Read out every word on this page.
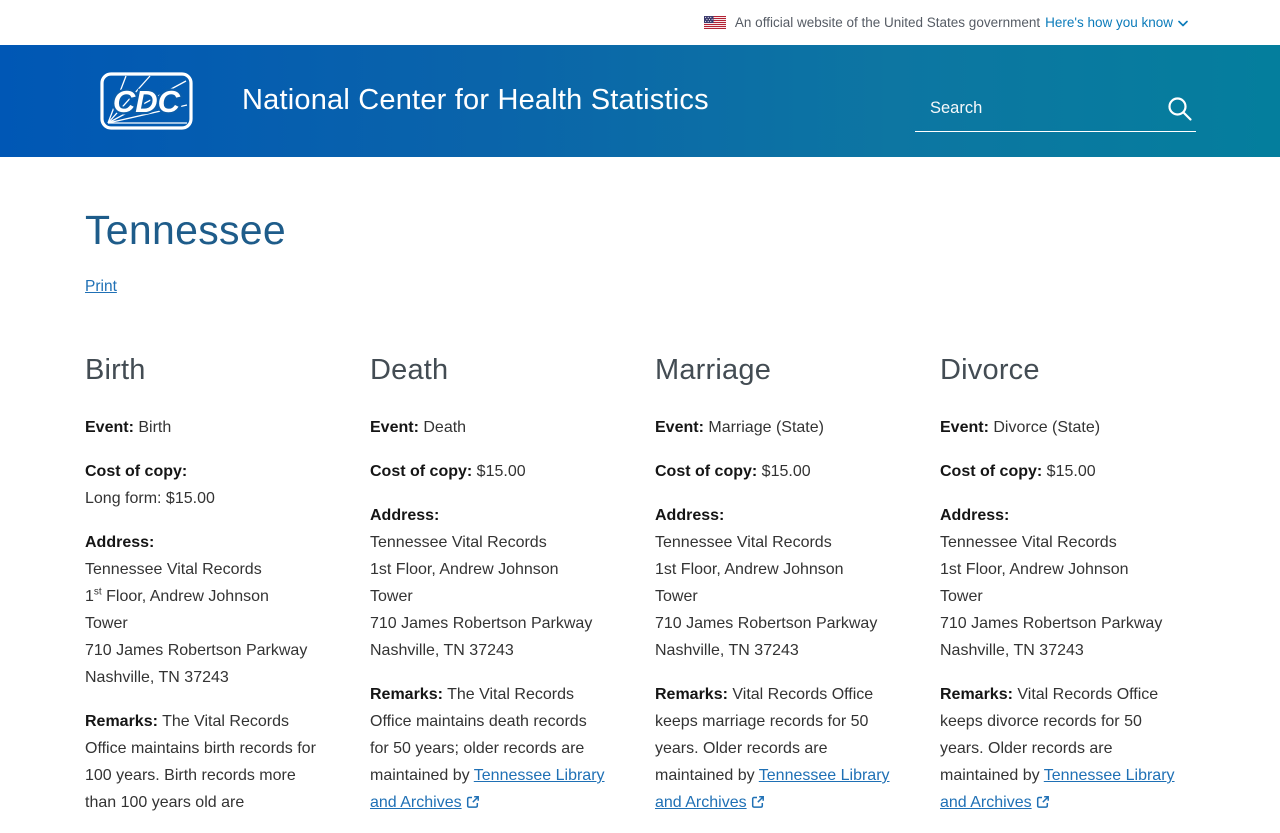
An official website of the United States government Here's how you know
CDC National Center for Health Statistics
Search
Tennessee
Print
Birth

Event: Birth

Cost of copy:
Long form: $15.00

Address:
Tennessee Vital Records
1st Floor, Andrew Johnson
Tower
710 James Robertson Parkway
Nashville, TN 37243

Remarks: The Vital Records Office maintains birth records for 100 years. Birth records more than 100 years old are

Death

Event: Death

Cost of copy: $15.00

Address:
Tennessee Vital Records
1st Floor, Andrew Johnson
Tower
710 James Robertson Parkway
Nashville, TN 37243

Remarks: The Vital Records Office maintains death records for 50 years; older records are maintained by Tennessee Library and Archives

Marriage

Event: Marriage (State)

Cost of copy: $15.00

Address:
Tennessee Vital Records
1st Floor, Andrew Johnson
Tower
710 James Robertson Parkway
Nashville, TN 37243

Remarks: Vital Records Office keeps marriage records for 50 years. Older records are maintained by Tennessee Library and Archives

Divorce

Event: Divorce (State)

Cost of copy: $15.00

Address:
Tennessee Vital Records
1st Floor, Andrew Johnson
Tower
710 James Robertson Parkway
Nashville, TN 37243

Remarks: Vital Records Office keeps divorce records for 50 years. Older records are maintained by Tennessee Library and Archives
